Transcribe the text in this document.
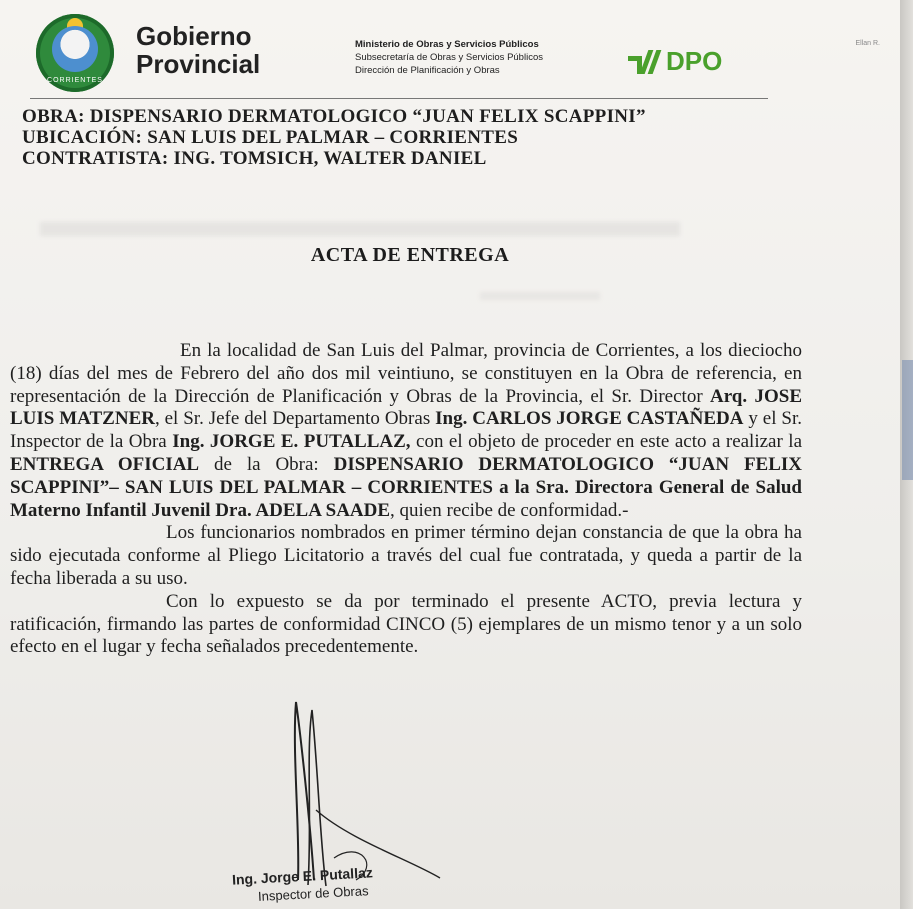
CORRIENTES
Gobierno
Provincial
Ministerio de Obras y Servicios Públicos
Subsecretaría de Obras y Servicios Públicos
Dirección de Planificación y Obras	DPO
Ellan R.
OBRA: DISPENSARIO DERMATOLOGICO “JUAN FELIX SCAPPINI”
UBICACIÓN: SAN LUIS DEL PALMAR – CORRIENTES
CONTRATISTA: ING. TOMSICH, WALTER DANIEL
ACTA DE ENTREGA

En la localidad de San Luis del Palmar, provincia de Corrientes, a los dieciocho (18) días del mes de Febrero del año dos mil veintiuno, se constituyen en la Obra de referencia, en representación de la Dirección de Planificación y Obras de la Provincia, el Sr. Director Arq. JOSE LUIS MATZNER, el Sr. Jefe del Departamento Obras Ing. CARLOS JORGE CASTAÑEDA y el Sr. Inspector de la Obra Ing. JORGE E. PUTALLAZ, con el objeto de proceder en este acto a realizar la ENTREGA OFICIAL de la Obra: DISPENSARIO DERMATOLOGICO “JUAN FELIX SCAPPINI”– SAN LUIS DEL PALMAR – CORRIENTES a la Sra. Directora General de Salud Materno Infantil Juvenil Dra. ADELA SAADE, quien recibe de conformidad.-

Los funcionarios nombrados en primer término dejan constancia de que la obra ha sido ejecutada conforme al Pliego Licitatorio a través del cual fue contratada, y queda a partir de la fecha liberada a su uso.

Con lo expuesto se da por terminado el presente ACTO, previa lectura y ratificación, firmando las partes de conformidad CINCO (5) ejemplares de un mismo tenor y a un solo efecto en el lugar y fecha señalados precedentemente.

Ing. Jorge E. Putallaz
Inspector de Obras
